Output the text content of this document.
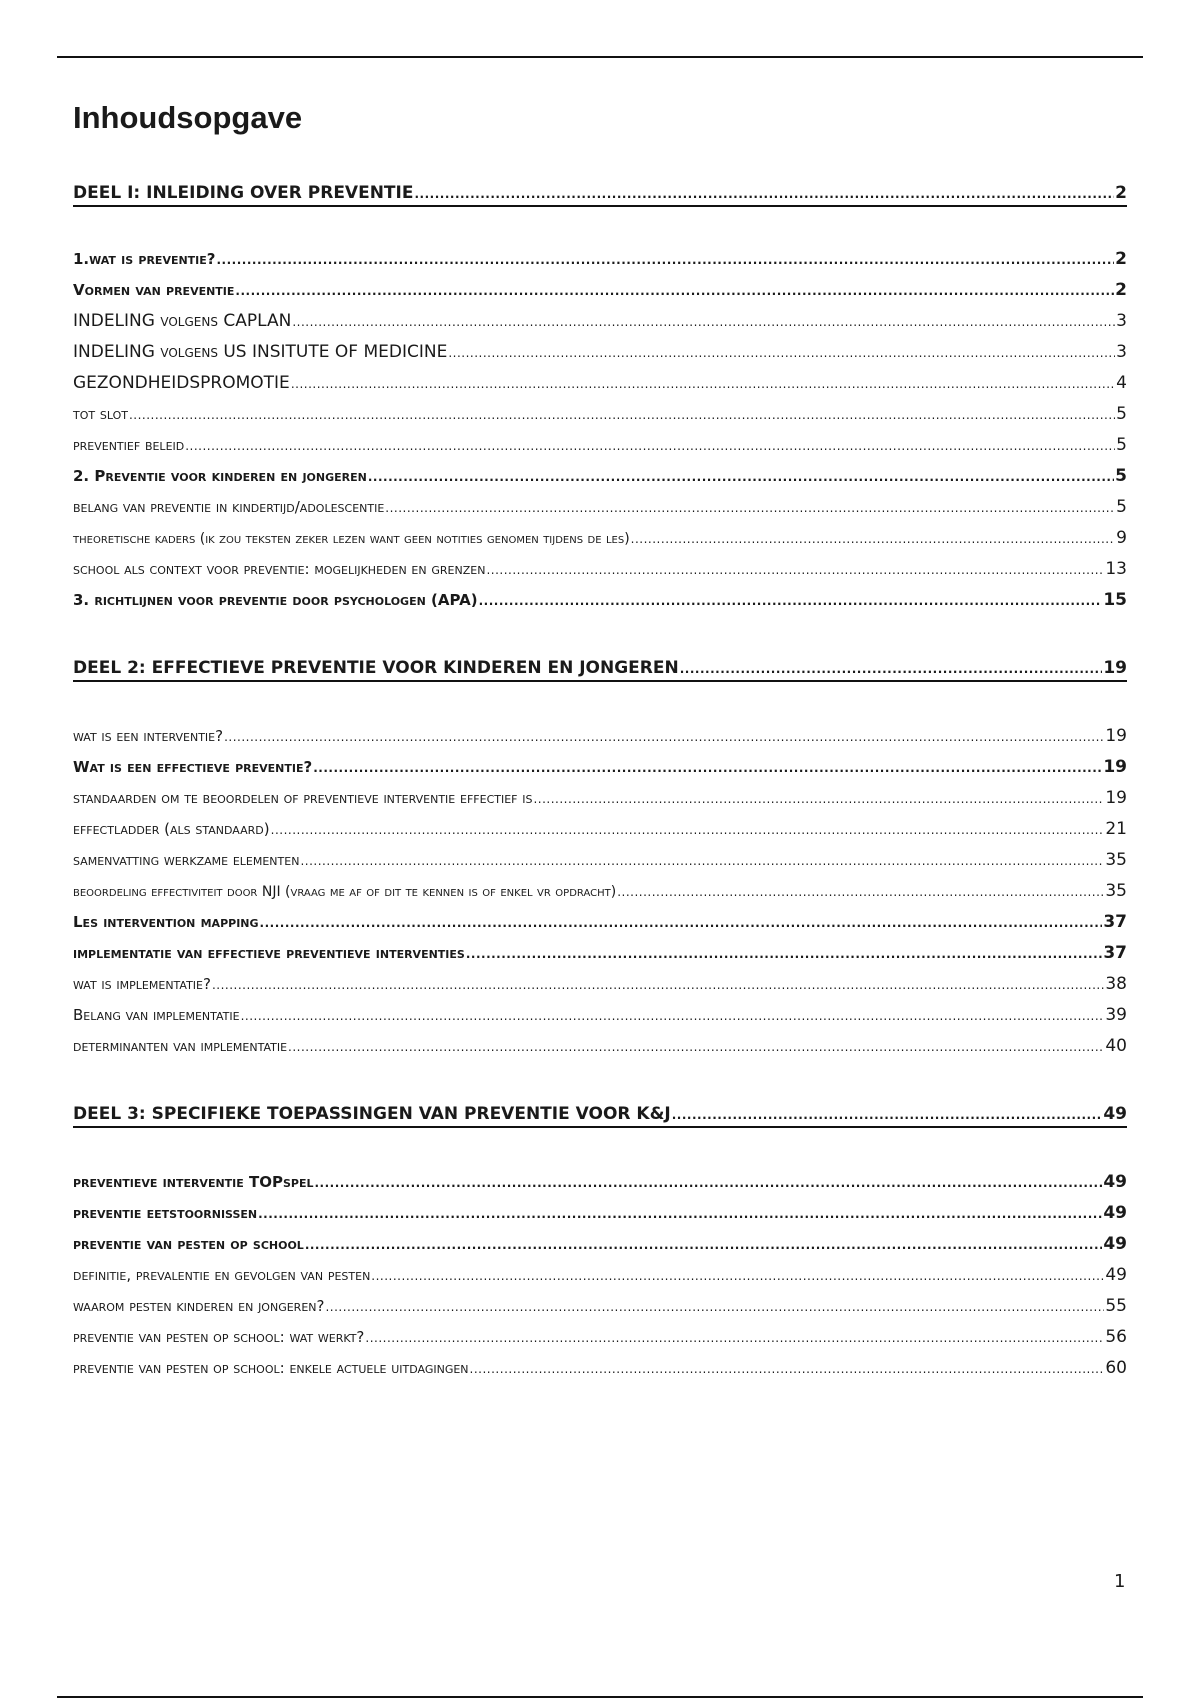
Inhoudsopgave
DEEL I: INLEIDING OVER PREVENTIE .....	2
1.wat is preventie? .....	2
Vormen van preventie .....	2
INDELING volgens CAPLAN .....	3
INDELING volgens US INSITUTE OF MEDICINE .....	3
GEZONDHEIDSPROMOTIE .....	4
tot slot .....	5
preventief beleid .....	5
2. Preventie voor kinderen en jongeren .....	5
belang van preventie in kindertijd/adolescentie .....	5
theoretische kaders (ik zou teksten zeker lezen want geen notities genomen tijdens de les) .....	9
school als context voor preventie: mogelijkheden en grenzen .....	13
3. richtlijnen voor preventie door psychologen (APA) .....	15
DEEL 2: EFFECTIEVE PREVENTIE VOOR KINDEREN EN JONGEREN .....	19
wat is een interventie? .....	19
Wat is een effectieve preventie? .....	19
standaarden om te beoordelen of preventieve interventie effectief is .....	19
effectladder (als standaard) .....	21
samenvatting werkzame elementen .....	35
beoordeling effectiviteit door NJI (vraag me af of dit te kennen is of enkel vr opdracht) .....	35
Les intervention mapping .....	37
implementatie van effectieve preventieve interventies .....	37
wat is implementatie? .....	38
Belang van implementatie .....	39
determinanten van implementatie .....	40
DEEL 3: SPECIFIEKE TOEPASSINGEN VAN PREVENTIE VOOR K&J .....	49
preventieve interventie TOPspel .....	49
preventie eetstoornissen .....	49
preventie van pesten op school .....	49
definitie, prevalentie en gevolgen van pesten .....	49
waarom pesten kinderen en jongeren? .....	55
preventie van pesten op school: wat werkt? .....	56
preventie van pesten op school: enkele actuele uitdagingen .....	60
1
